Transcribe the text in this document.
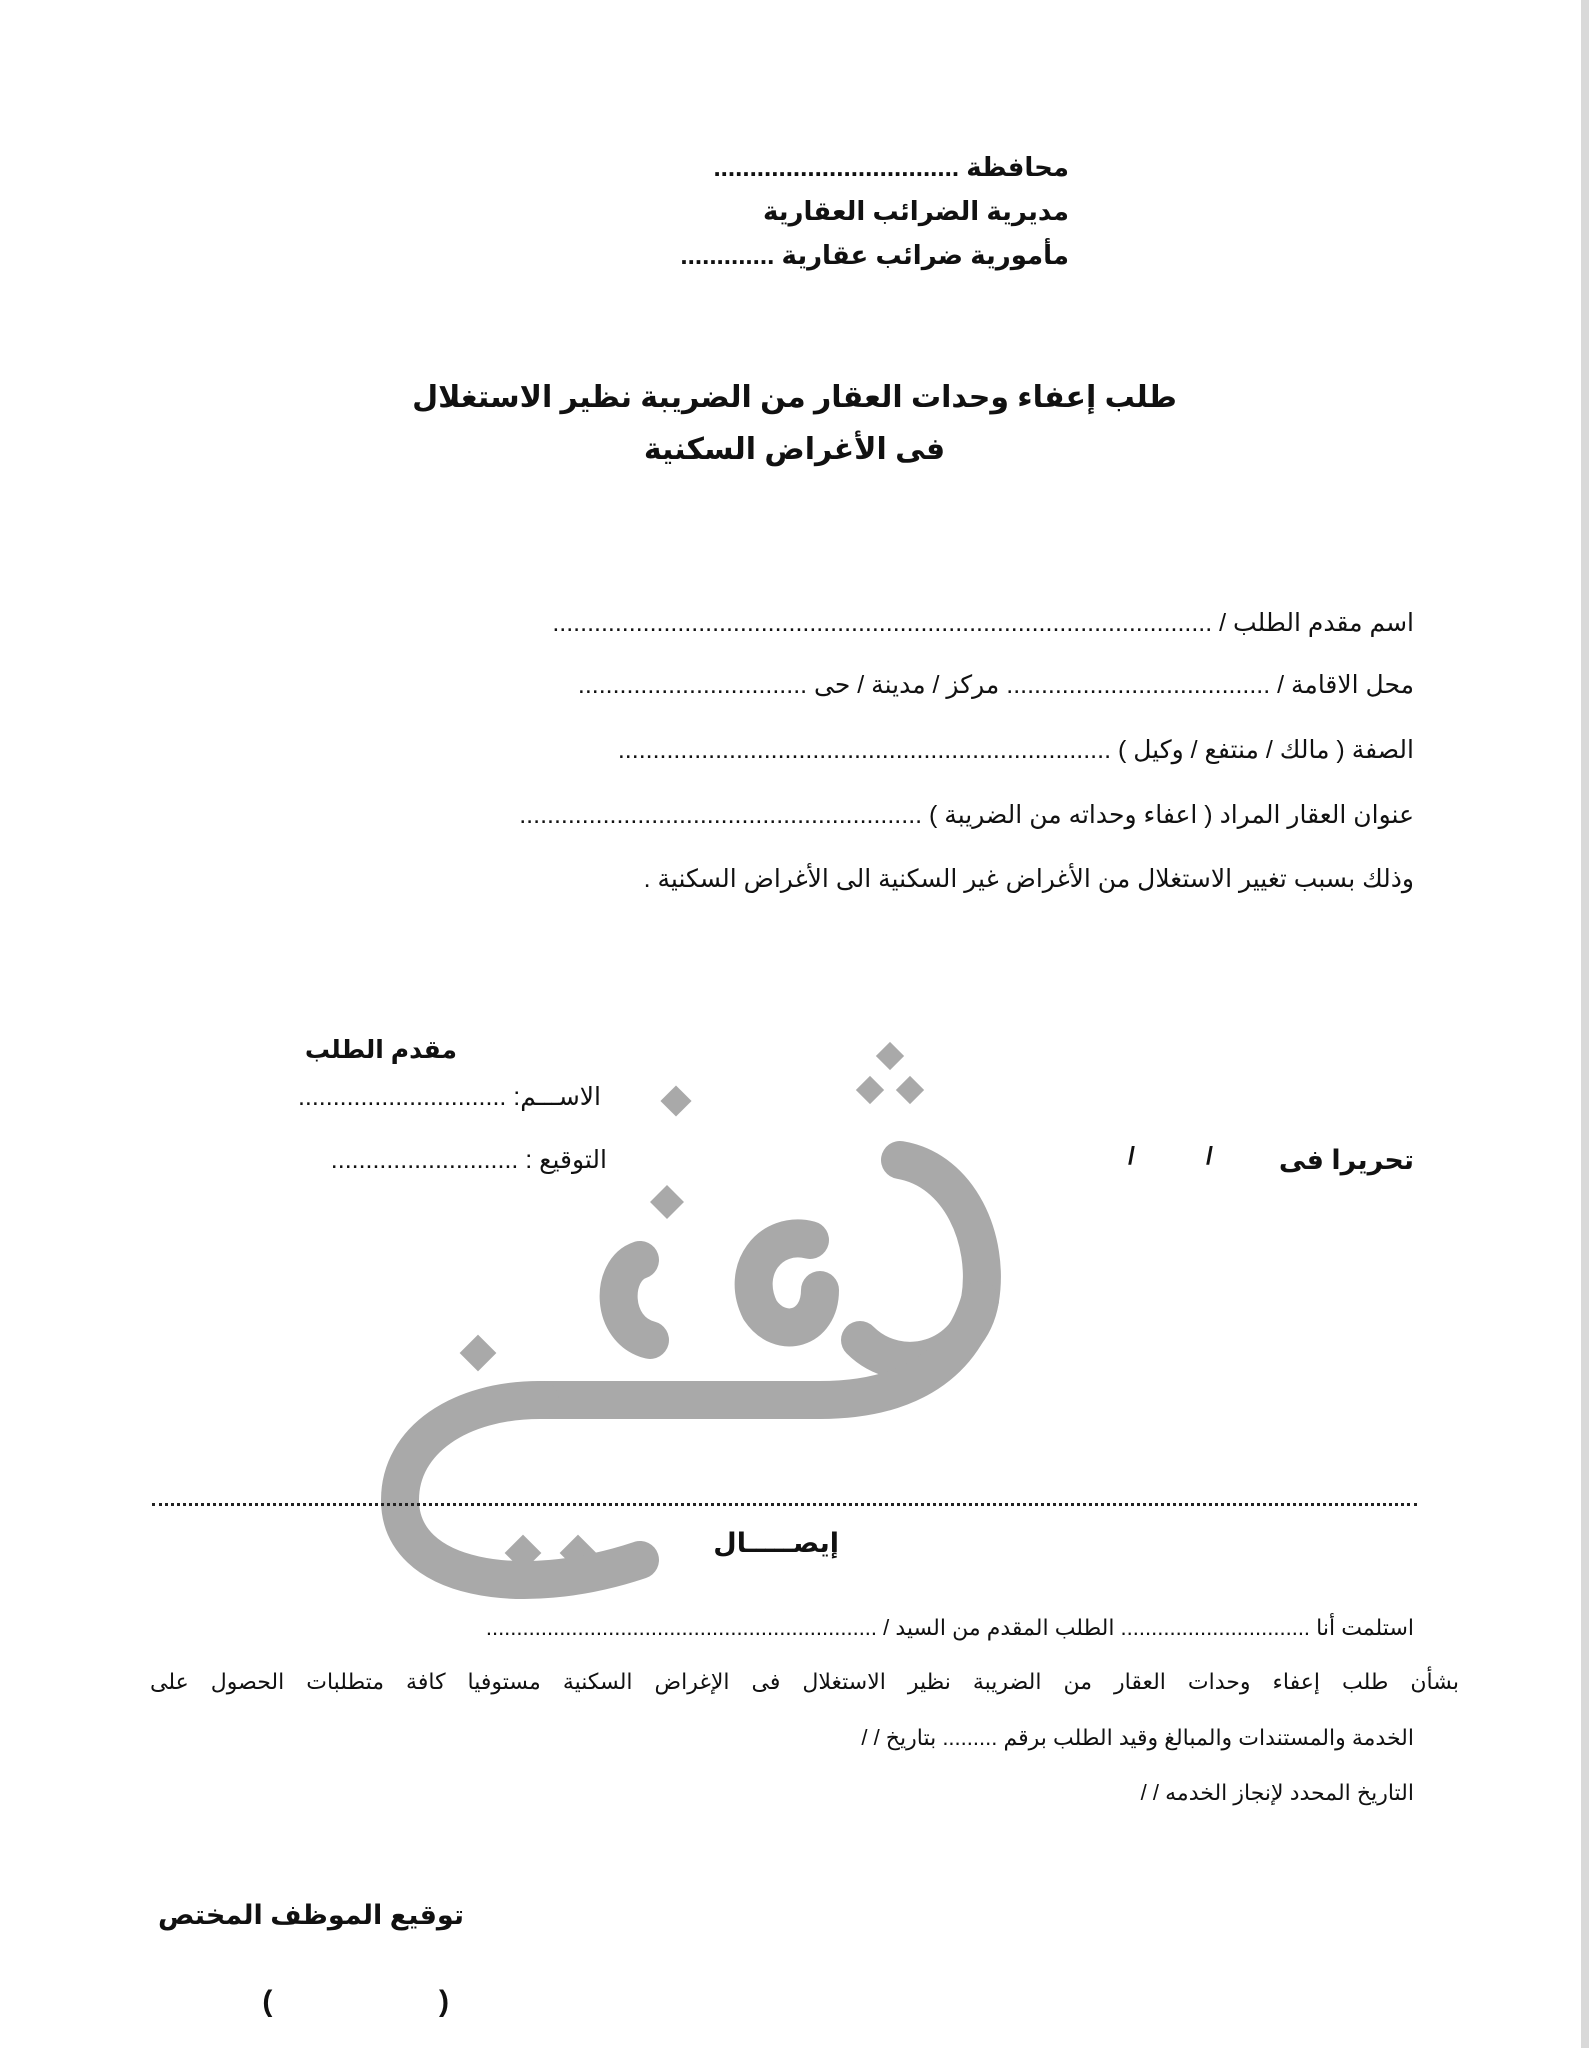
محافظة ..................................
مديرية الضرائب العقارية
مأمورية ضرائب عقارية .............
طلب إعفاء وحدات العقار من الضريبة نظير الاستغلال
فى الأغراض السكنية
اسم مقدم الطلب / ...............................................................................................
محل الاقامة / ...................................... مركز / مدينة / حى .................................
الصفة ( مالك / منتفع / وكيل ) .......................................................................
عنوان العقار المراد ( اعفاء وحداته من الضريبة ) ..........................................................
وذلك بسبب تغيير الاستغلال من الأغراض غير السكنية الى الأغراض السكنية .
مقدم الطلب
الاســـم: ..............................
التوقيع : ...........................	تحريرا فى
/
/
إيصـــــال
استلمت أنا ............................... الطلب المقدم من السيد / ................................................................
بشأن طلب إعفاء وحدات العقار من الضريبة نظير الاستغلال فى الإغراض السكنية مستوفيا كافة متطلبات الحصول على
الخدمة والمستندات والمبالغ وقيد الطلب برقم ......... بتاريخ / /
التاريخ المحدد لإنجاز الخدمه / /
توقيع الموظف المختص
(                    )
